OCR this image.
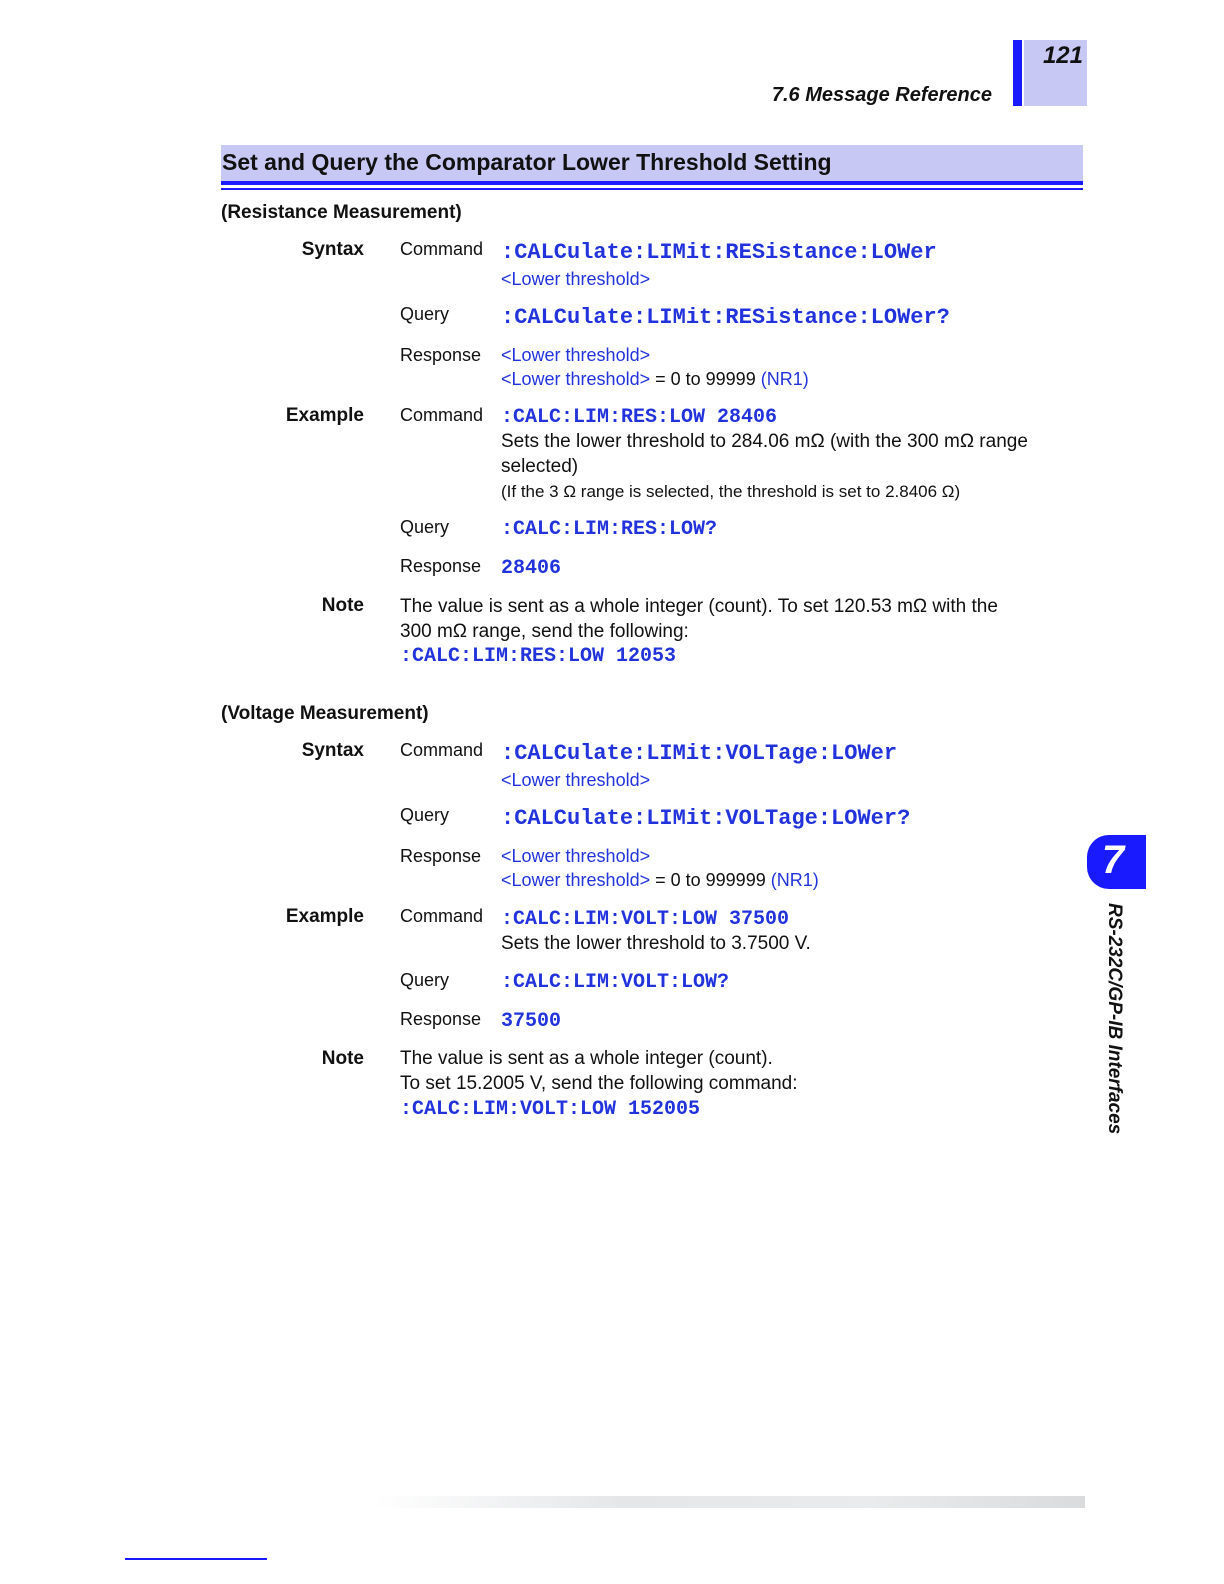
7.6 Message Reference
121
Set and Query the Comparator Lower Threshold Setting
(Resistance Measurement)
Syntax Command :CALCulate:LIMit:RESistance:LOWer
<Lower threshold>
Query :CALCulate:LIMit:RESistance:LOWer?
Response <Lower threshold>
<Lower threshold> = 0 to 99999 (NR1)
Example Command :CALC:LIM:RES:LOW 28406
Sets the lower threshold to 284.06 mΩ (with the 300 mΩ range
selected)
(If the 3 Ω range is selected, the threshold is set to 2.8406 Ω)
Query	:CALC:LIM:RES:LOW?
Response 28406
Note The value is sent as a whole integer (count). To set 120.53 mΩ with the
300 mΩ range, send the following:
:CALC:LIM:RES:LOW 12053
(Voltage Measurement)
Syntax Command :CALCulate:LIMit:VOLTage:LOWer
<Lower threshold>
Query :CALCulate:LIMit:VOLTage:LOWer?
Response <Lower threshold>
<Lower threshold> = 0 to 999999 (NR1)
Example Command :CALC:LIM:VOLT:LOW 37500
Sets the lower threshold to 3.7500 V.
Query	:CALC:LIM:VOLT:LOW?
Response 37500
Note The value is sent as a whole integer (count).
To set 15.2005 V, send the following command:
:CALC:LIM:VOLT:LOW 152005
7
RS-232C/GP-IB Interfaces
